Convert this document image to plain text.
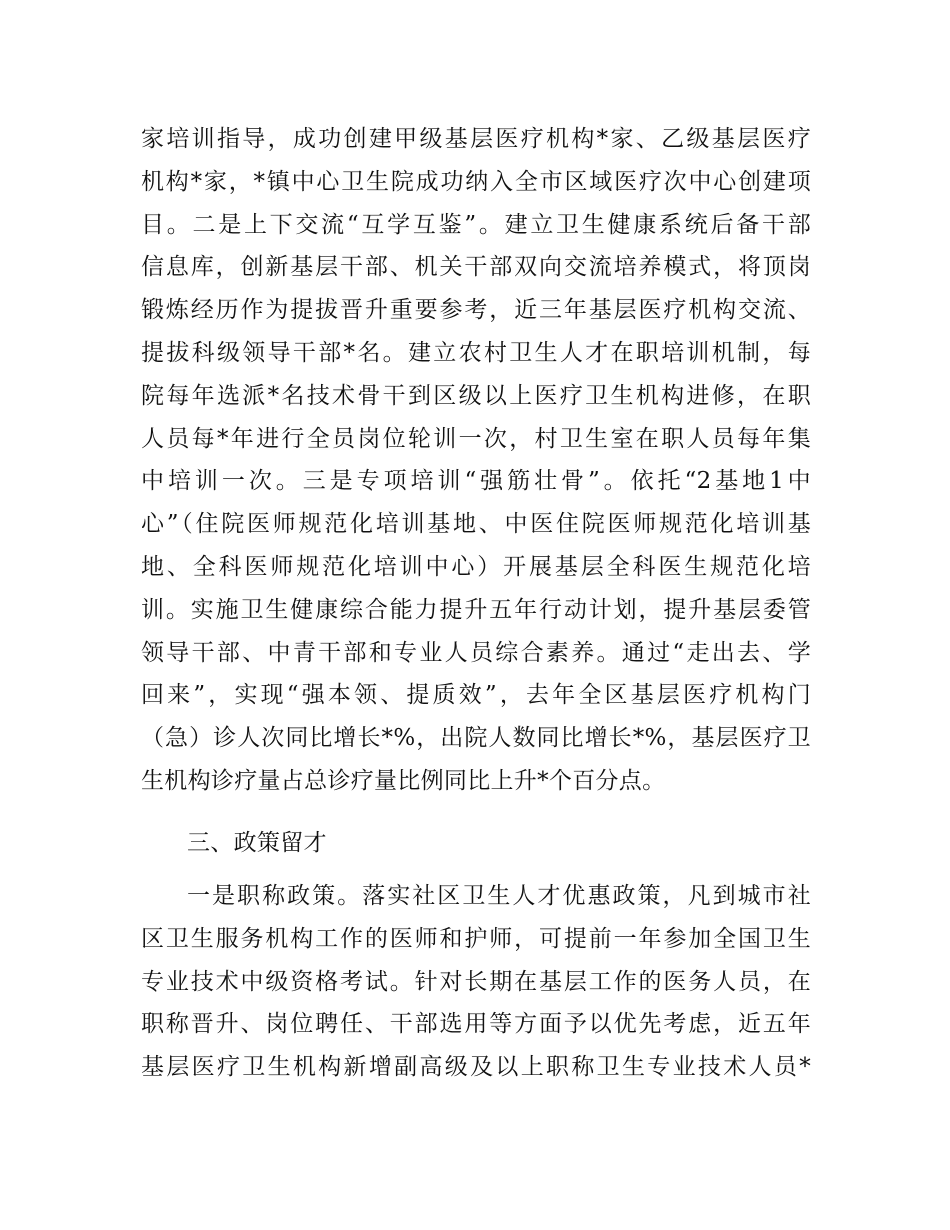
家培训指导，成功创建甲级基层医疗机构*家、乙级基层医疗
机构*家，*镇中心卫生院成功纳入全市区域医疗次中心创建项
目。二是上下交流“互学互鉴”。建立卫生健康系统后备干部
信息库，创新基层干部、机关干部双向交流培养模式，将顶岗
锻炼经历作为提拔晋升重要参考，近三年基层医疗机构交流、
提拔科级领导干部*名。建立农村卫生人才在职培训机制，每
院每年选派*名技术骨干到区级以上医疗卫生机构进修，在职
人员每*年进行全员岗位轮训一次，村卫生室在职人员每年集
中培训一次。三是专项培训“强筋壮骨”。依托“2基地1中
心”（住院医师规范化培训基地、中医住院医师规范化培训基
地、全科医师规范化培训中心）开展基层全科医生规范化培
训。实施卫生健康综合能力提升五年行动计划，提升基层委管
领导干部、中青干部和专业人员综合素养。通过“走出去、学
回来”，实现“强本领、提质效”，去年全区基层医疗机构门
（急）诊人次同比增长*%，出院人数同比增长*%，基层医疗卫
生机构诊疗量占总诊疗量比例同比上升*个百分点。
三、政策留才
一是职称政策。落实社区卫生人才优惠政策，凡到城市社
区卫生服务机构工作的医师和护师，可提前一年参加全国卫生
专业技术中级资格考试。针对长期在基层工作的医务人员，在
职称晋升、岗位聘任、干部选用等方面予以优先考虑，近五年
基层医疗卫生机构新增副高级及以上职称卫生专业技术人员*
